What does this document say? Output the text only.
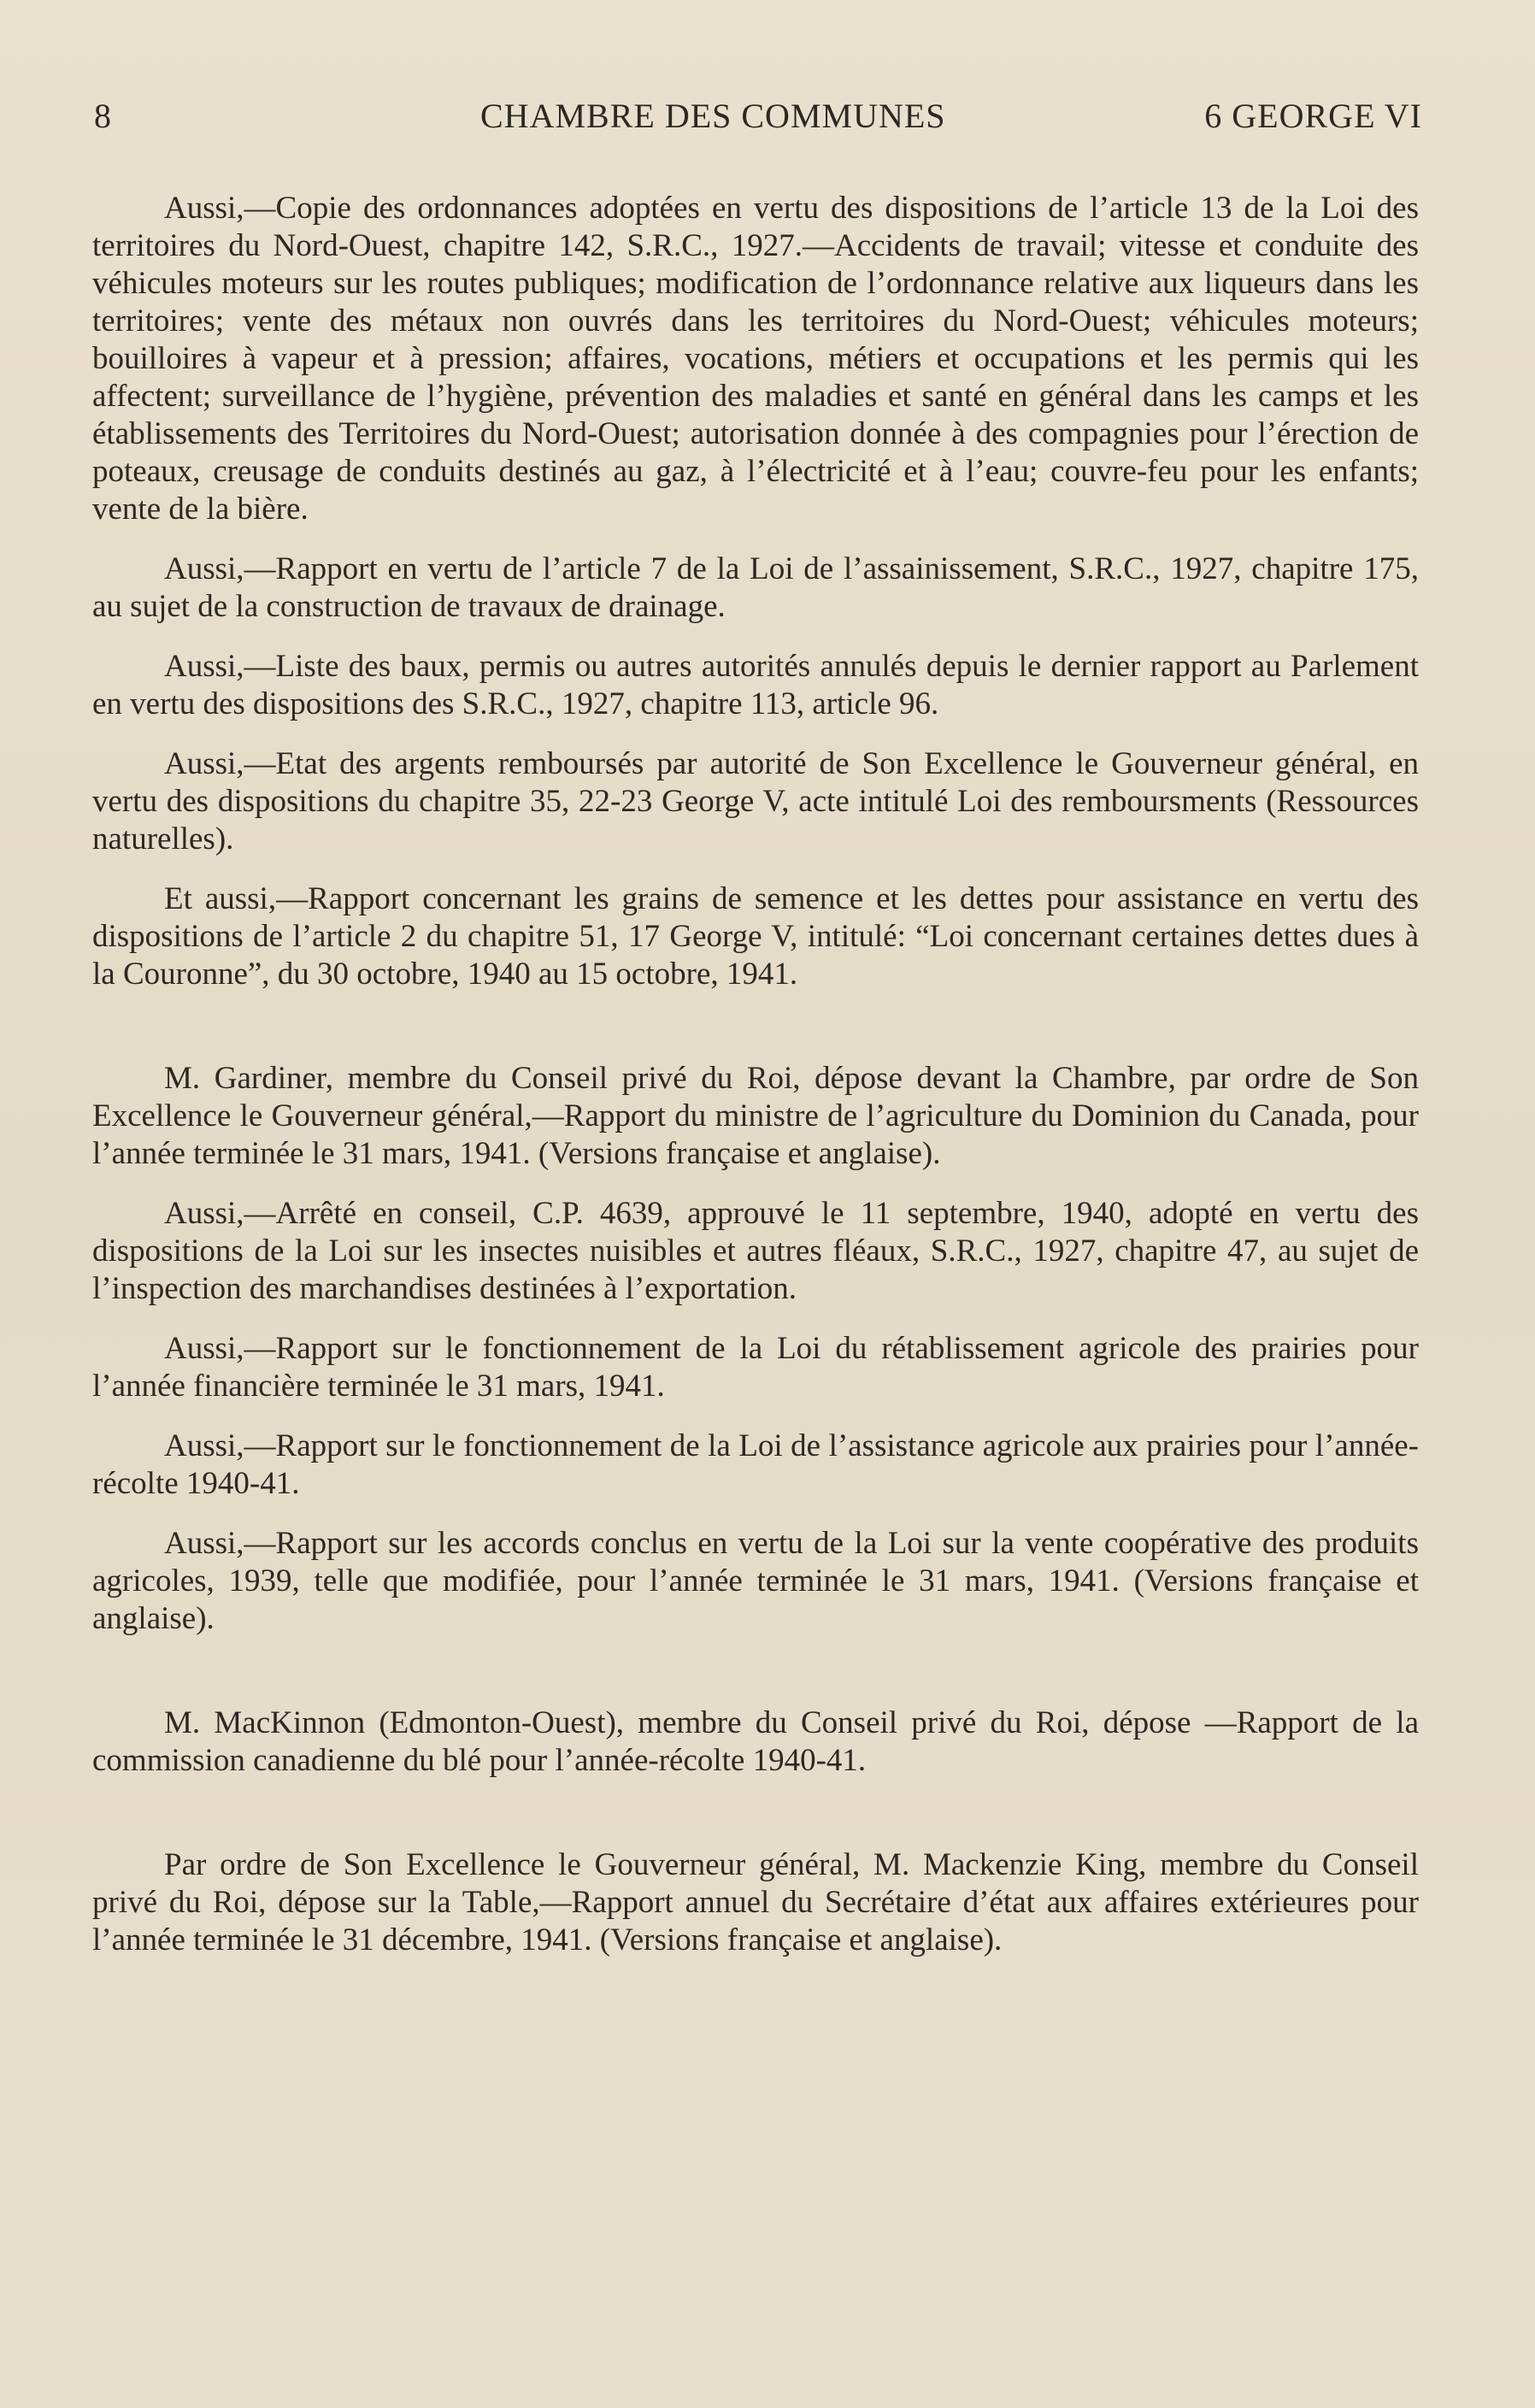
8	CHAMBRE DES COMMUNES	6 GEORGE VI

Aussi,—Copie des ordonnances adoptées en vertu des dispositions de l’article 13 de la Loi des territoires du Nord-Ouest, chapitre 142, S.R.C., 1927.—Accidents de travail; vitesse et conduite des véhicules moteurs sur les routes publiques; modification de l’ordonnance relative aux liqueurs dans les territoires; vente des métaux non ouvrés dans les territoires du Nord-Ouest; véhicules moteurs; bouilloires à vapeur et à pression; affaires, vocations, métiers et occupations et les permis qui les affectent; surveillance de l’hygiène, prévention des maladies et santé en général dans les camps et les établissements des Territoires du Nord-Ouest; autorisation donnée à des compagnies pour l’érection de poteaux, creusage de conduits destinés au gaz, à l’électricité et à l’eau; couvre-feu pour les enfants; vente de la bière.

Aussi,—Rapport en vertu de l’article 7 de la Loi de l’assainissement, S.R.C., 1927, chapitre 175, au sujet de la construction de travaux de drainage.

Aussi,—Liste des baux, permis ou autres autorités annulés depuis le dernier rapport au Parlement en vertu des dispositions des S.R.C., 1927, chapitre 113, article 96.

Aussi,—Etat des argents remboursés par autorité de Son Excellence le Gouverneur général, en vertu des dispositions du chapitre 35, 22-23 George V, acte intitulé Loi des remboursments (Ressources naturelles).

Et aussi,—Rapport concernant les grains de semence et les dettes pour assistance en vertu des dispositions de l’article 2 du chapitre 51, 17 George V, intitulé: “Loi concernant certaines dettes dues à la Couronne”, du 30 octobre, 1940 au 15 octobre, 1941.

M. Gardiner, membre du Conseil privé du Roi, dépose devant la Chambre, par ordre de Son Excellence le Gouverneur général,—Rapport du ministre de l’agriculture du Dominion du Canada, pour l’année terminée le 31 mars, 1941. (Versions française et anglaise).

Aussi,—Arrêté en conseil, C.P. 4639, approuvé le 11 septembre, 1940, adopté en vertu des dispositions de la Loi sur les insectes nuisibles et autres fléaux, S.R.C., 1927, chapitre 47, au sujet de l’inspection des marchandises destinées à l’exportation.

Aussi,—Rapport sur le fonctionnement de la Loi du rétablissement agricole des prairies pour l’année financière terminée le 31 mars, 1941.

Aussi,—Rapport sur le fonctionnement de la Loi de l’assistance agricole aux prairies pour l’année-récolte 1940-41.

Aussi,—Rapport sur les accords conclus en vertu de la Loi sur la vente coopérative des produits agricoles, 1939, telle que modifiée, pour l’année terminée le 31 mars, 1941. (Versions française et anglaise).

M. MacKinnon (Edmonton-Ouest), membre du Conseil privé du Roi, dépose —Rapport de la commission canadienne du blé pour l’année-récolte 1940-41.

Par ordre de Son Excellence le Gouverneur général, M. Mackenzie King, membre du Conseil privé du Roi, dépose sur la Table,—Rapport annuel du Secrétaire d’état aux affaires extérieures pour l’année terminée le 31 décembre, 1941. (Versions française et anglaise).
